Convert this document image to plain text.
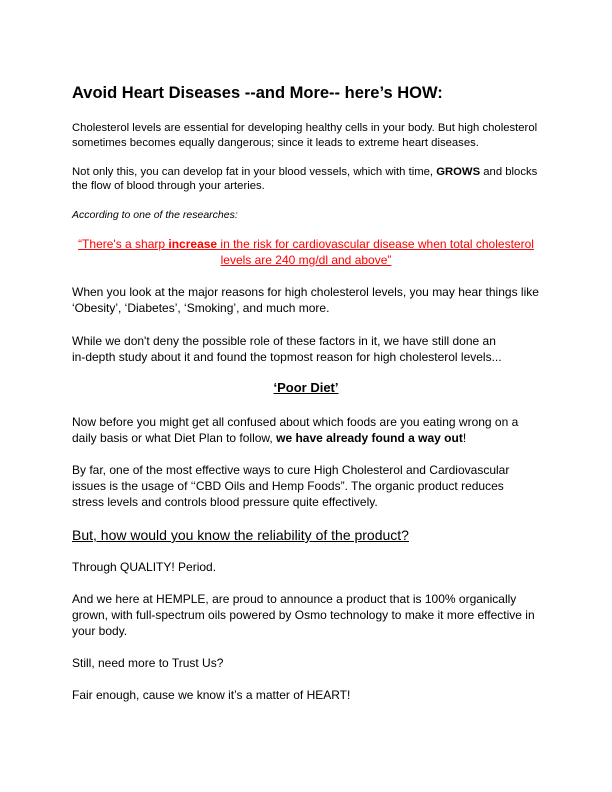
Avoid Heart Diseases --and More-- here’s HOW:
Cholesterol levels are essential for developing healthy cells in your body. But high cholesterol
sometimes becomes equally dangerous; since it leads to extreme heart diseases.
Not only this, you can develop fat in your blood vessels, which with time, GROWS and blocks
the flow of blood through your arteries.
According to one of the researches:
“There's a sharp increase in the risk for cardiovascular disease when total cholesterol
levels are 240 mg/dl and above”
When you look at the major reasons for high cholesterol levels, you may hear things like
‘Obesity’, ‘Diabetes’, ‘Smoking’, and much more.
While we don't deny the possible role of these factors in it, we have still done an
in-depth study about it and found the topmost reason for high cholesterol levels...
‘Poor Diet’
Now before you might get all confused about which foods are you eating wrong on a
daily basis or what Diet Plan to follow, we have already found a way out!
By far, one of the most effective ways to cure High Cholesterol and Cardiovascular
issues is the usage of ‘‘CBD Oils and Hemp Foods”. The organic product reduces
stress levels and controls blood pressure quite effectively.
But, how would you know the reliability of the product?
Through QUALITY! Period.
And we here at HEMPLE, are proud to announce a product that is 100% organically
grown, with full-spectrum oils powered by Osmo technology to make it more effective in
your body.
Still, need more to Trust Us?
Fair enough, cause we know it’s a matter of HEART!
